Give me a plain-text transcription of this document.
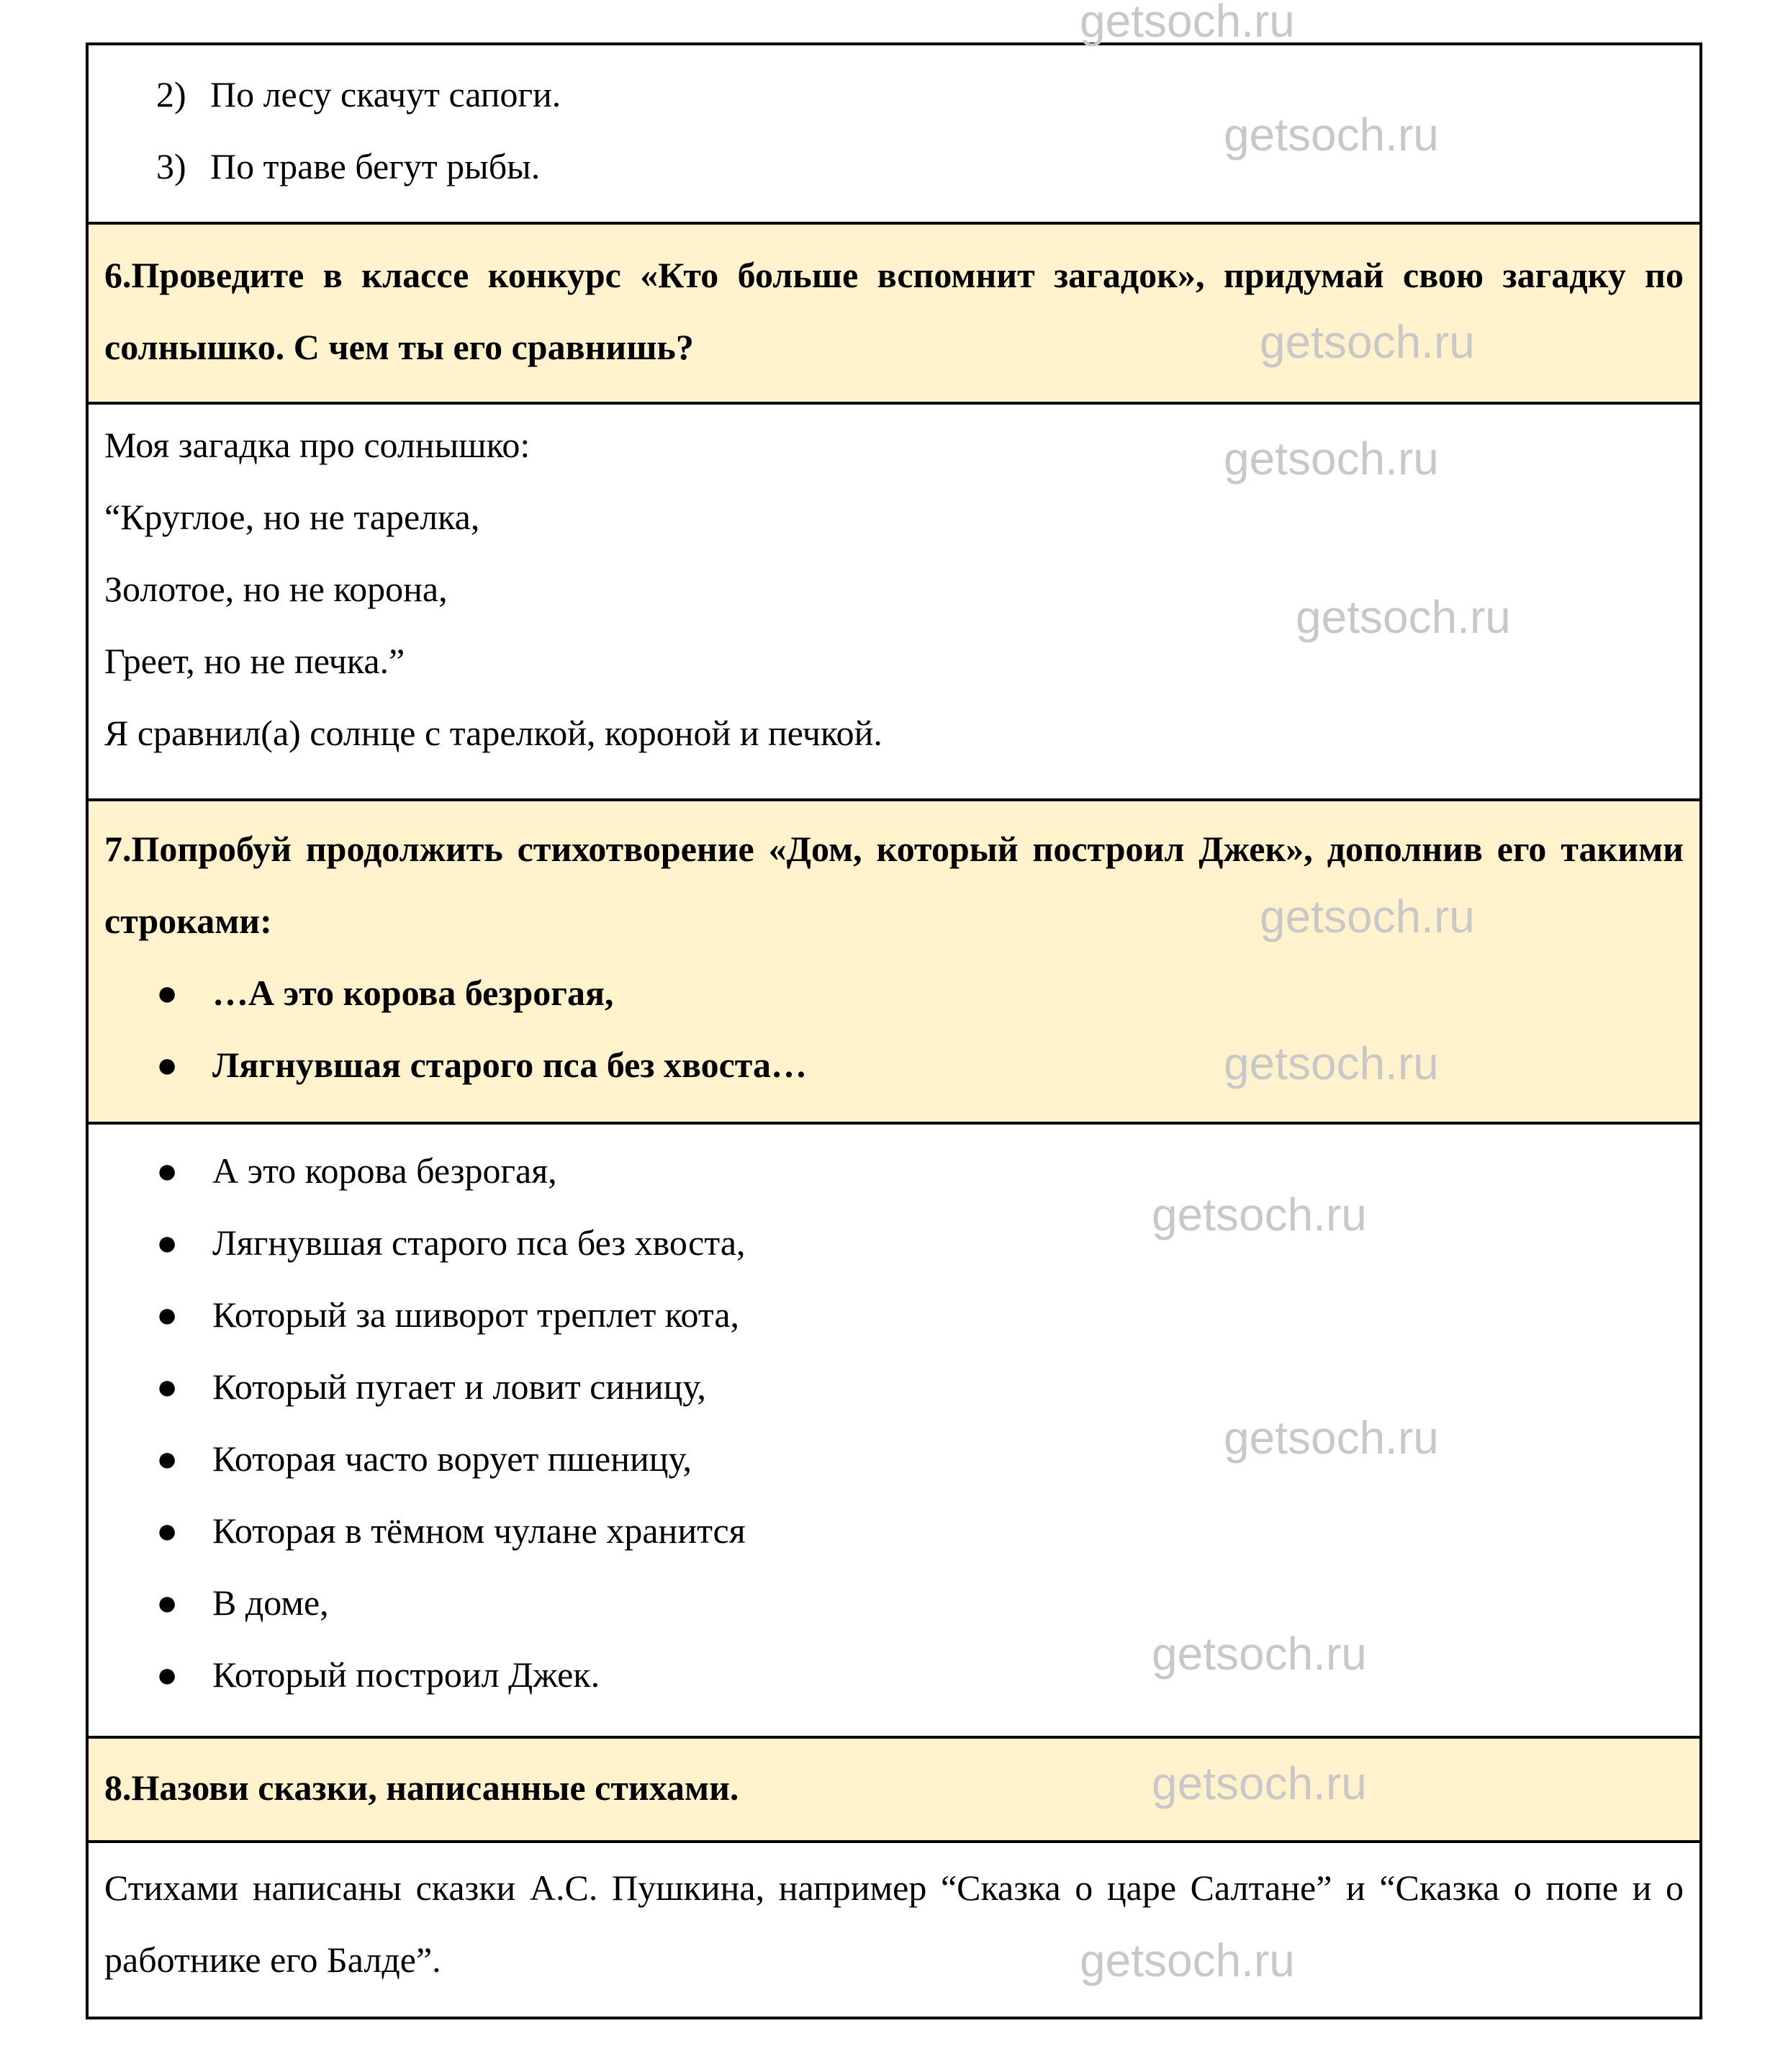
2) По лесу скачут сапоги.
3) По траве бегут рыбы.
6.Проведите в классе конкурс «Кто больше вспомнит загадок», придумай свою загадку по солнышко. С чем ты его сравнишь?
Моя загадка про солнышко:
“Круглое, но не тарелка,
Золотое, но не корона,
Греет, но не печка.”
Я сравнил(а) солнце с тарелкой, короной и печкой.
7.Попробуй продолжить стихотворение «Дом, который построил Джек», дополнив его такими строками:
● …А это корова безрогая,
● Лягнувшая старого пса без хвоста…
● А это корова безрогая,
● Лягнувшая старого пса без хвоста,
● Который за шиворот треплет кота,
● Который пугает и ловит синицу,
● Которая часто ворует пшеницу,
● Которая в тёмном чулане хранится
● В доме,
● Который построил Джек.
8.Назови сказки, написанные стихами.
Стихами написаны сказки А.С. Пушкина, например “Сказка о царе Салтане” и “Сказка о попе и о работнике его Балде”.
getsoch.ru
getsoch.ru
getsoch.ru
getsoch.ru
getsoch.ru
getsoch.ru
getsoch.ru
getsoch.ru
getsoch.ru
getsoch.ru
getsoch.ru
getsoch.ru
